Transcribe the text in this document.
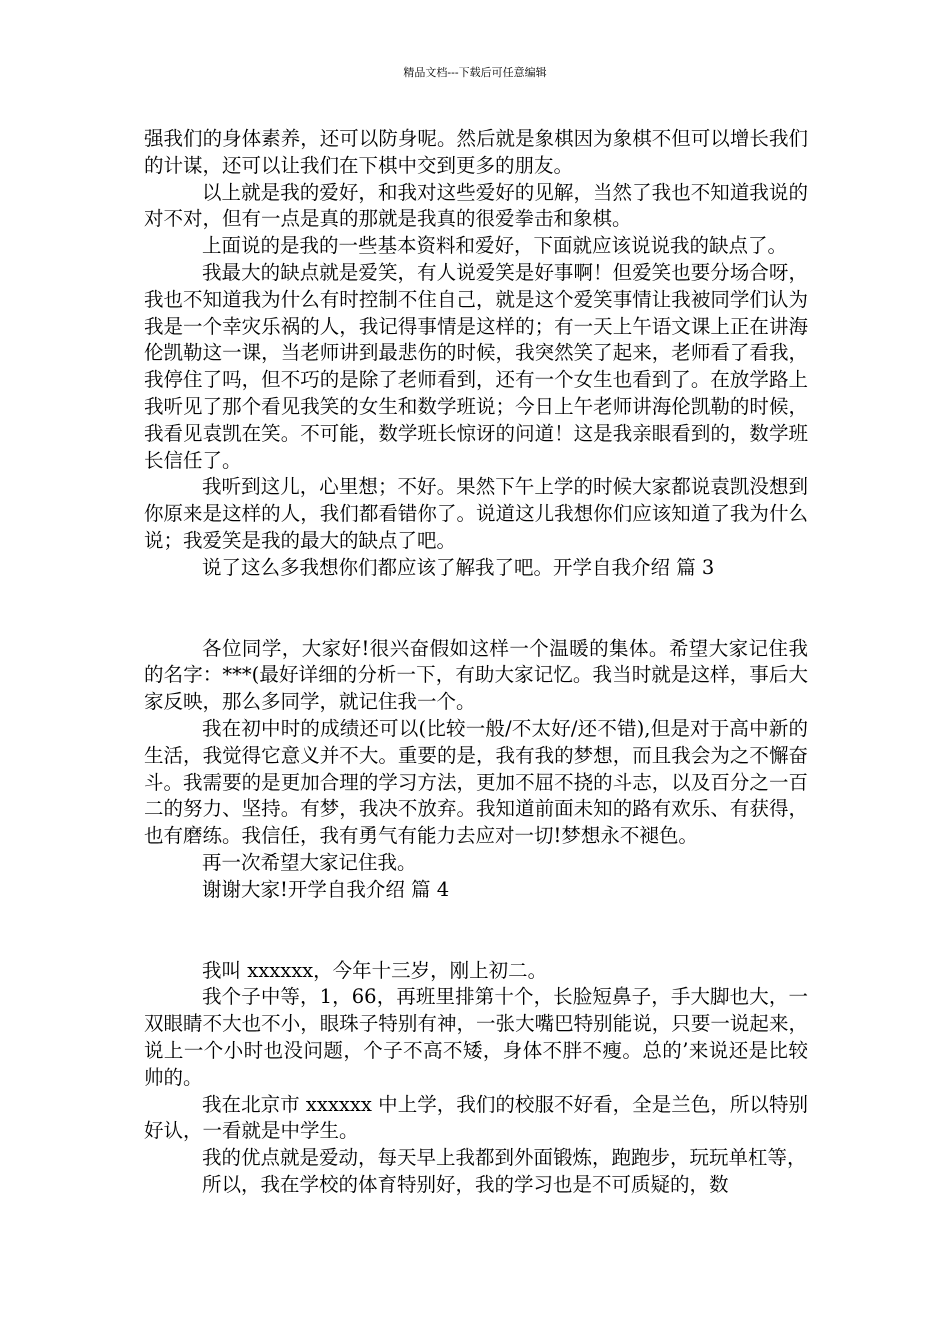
精品文档---下载后可任意编辑

强我们的身体素养，还可以防身呢。然后就是象棋因为象棋不但可以增长我们的计谋，还可以让我们在下棋中交到更多的朋友。

以上就是我的爱好，和我对这些爱好的见解，当然了我也不知道我说的对不对，但有一点是真的那就是我真的很爱拳击和象棋。

上面说的是我的一些基本资料和爱好，下面就应该说说我的缺点了。

我最大的缺点就是爱笑，有人说爱笑是好事啊！但爱笑也要分场合呀，我也不知道我为什么有时控制不住自己，就是这个爱笑事情让我被同学们认为我是一个幸灾乐祸的人，我记得事情是这样的；有一天上午语文课上正在讲海伦凯勒这一课，当老师讲到最悲伤的时候，我突然笑了起来，老师看了看我，我停住了吗，但不巧的是除了老师看到，还有一个女生也看到了。在放学路上我听见了那个看见我笑的女生和数学班说；今日上午老师讲海伦凯勒的时候，我看见袁凯在笑。不可能，数学班长惊讶的问道！这是我亲眼看到的，数学班长信任了。

我听到这儿，心里想；不好。果然下午上学的时候大家都说袁凯没想到你原来是这样的人，我们都看错你了。说道这儿我想你们应该知道了我为什么说；我爱笑是我的最大的缺点了吧。

说了这么多我想你们都应该了解我了吧。开学自我介绍 篇 3

各位同学，大家好!很兴奋假如这样一个温暖的集体。希望大家记住我的名字：***(最好详细的分析一下，有助大家记忆。我当时就是这样，事后大家反映，那么多同学，就记住我一个。

我在初中时的成绩还可以(比较一般/不太好/还不错),但是对于高中新的生活，我觉得它意义并不大。重要的是，我有我的梦想，而且我会为之不懈奋斗。我需要的是更加合理的学习方法，更加不屈不挠的斗志，以及百分之一百二的努力、坚持。有梦，我决不放弃。我知道前面未知的路有欢乐、有获得，也有磨练。我信任，我有勇气有能力去应对一切!梦想永不褪色。

再一次希望大家记住我。

谢谢大家!开学自我介绍 篇 4

我叫 xxxxxx，今年十三岁，刚上初二。

我个子中等，1，66，再班里排第十个，长脸短鼻子，手大脚也大，一双眼睛不大也不小，眼珠子特别有神，一张大嘴巴特别能说，只要一说起来，说上一个小时也没问题，个子不高不矮，身体不胖不瘦。总的’来说还是比较帅的。

我在北京市 xxxxxx 中上学，我们的校服不好看，全是兰色，所以特别好认，一看就是中学生。

我的优点就是爱动，每天早上我都到外面锻炼，跑跑步，玩玩单杠等，

所以，我在学校的体育特别好，我的学习也是不可质疑的，数
